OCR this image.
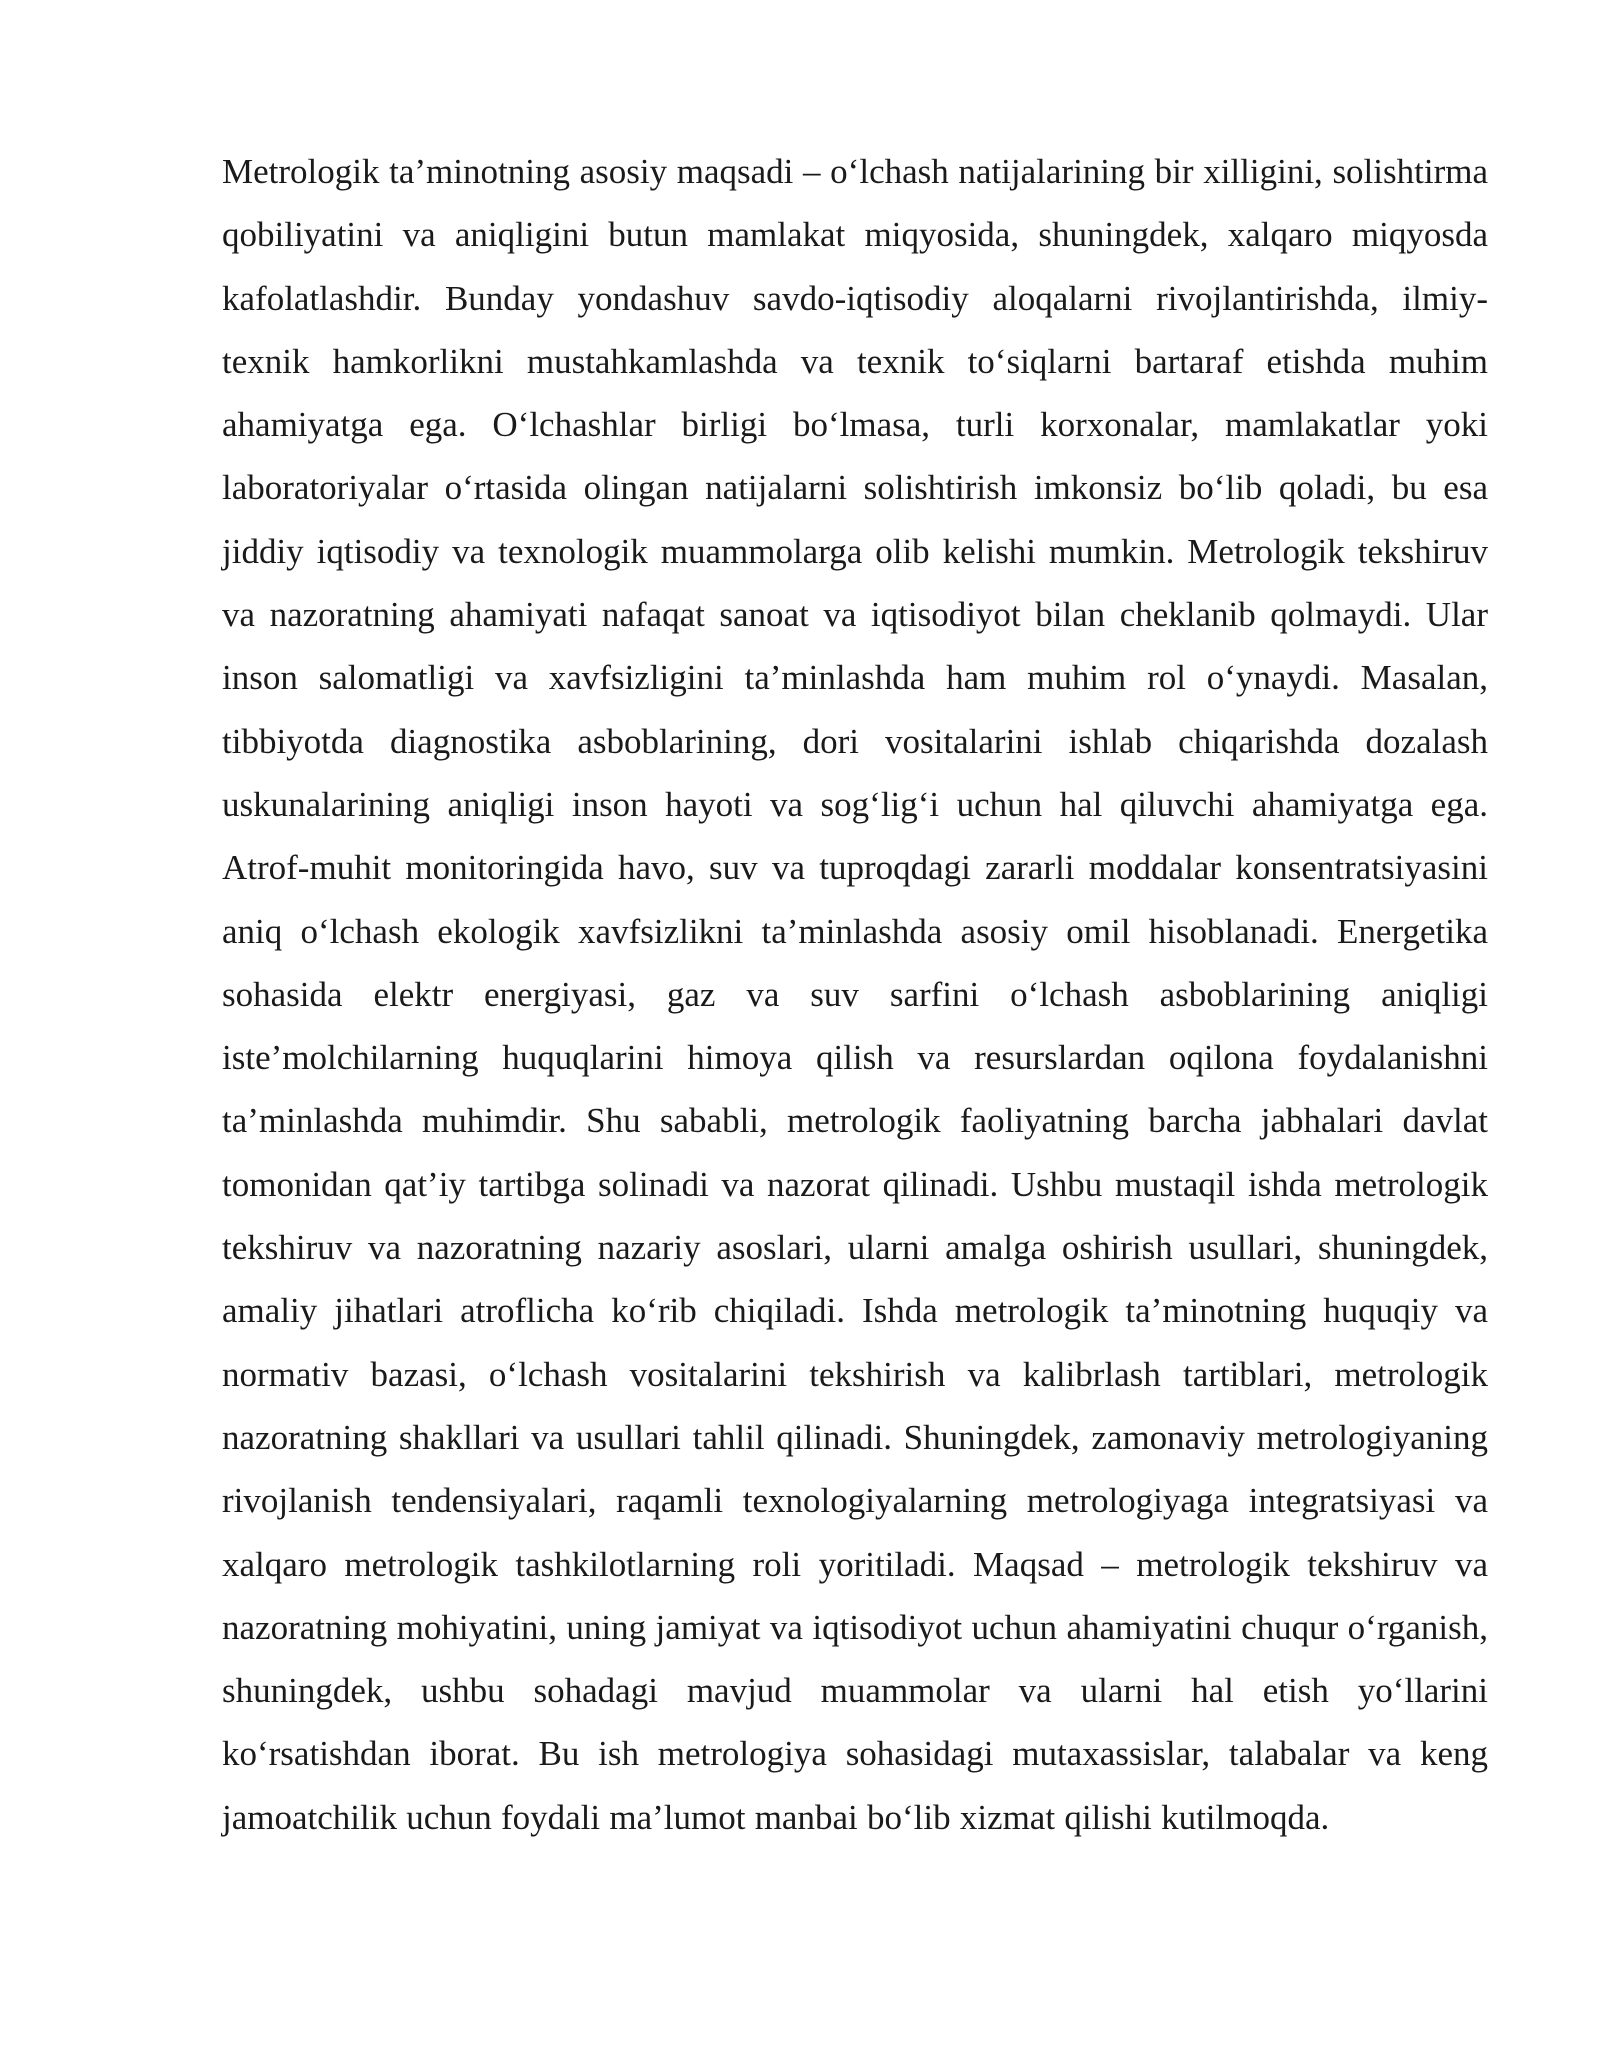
Metrologik ta’minotning asosiy maqsadi – o‘lchash natijalarining bir xilligini, solishtirma qobiliyatini va aniqligini butun mamlakat miqyosida, shuningdek, xalqaro miqyosda kafolatlashdir. Bunday yondashuv savdo-iqtisodiy aloqalarni rivojlantirishda, ilmiy-texnik hamkorlikni mustahkamlashda va texnik to‘siqlarni bartaraf etishda muhim ahamiyatga ega. O‘lchashlar birligi bo‘lmasa, turli korxonalar, mamlakatlar yoki laboratoriyalar o‘rtasida olingan natijalarni solishtirish imkonsiz bo‘lib qoladi, bu esa jiddiy iqtisodiy va texnologik muammolarga olib kelishi mumkin. Metrologik tekshiruv va nazoratning ahamiyati nafaqat sanoat va iqtisodiyot bilan cheklanib qolmaydi. Ular inson salomatligi va xavfsizligini ta’minlashda ham muhim rol o‘ynaydi. Masalan, tibbiyotda diagnostika asboblarining, dori vositalarini ishlab chiqarishda dozalash uskunalarining aniqligi inson hayoti va sog‘lig‘i uchun hal qiluvchi ahamiyatga ega. Atrof-muhit monitoringida havo, suv va tuproqdagi zararli moddalar konsentratsiyasini aniq o‘lchash ekologik xavfsizlikni ta’minlashda asosiy omil hisoblanadi. Energetika sohasida elektr energiyasi, gaz va suv sarfini o‘lchash asboblarining aniqligi iste’molchilarning huquqlarini himoya qilish va resurslardan oqilona foydalanishni ta’minlashda muhimdir. Shu sababli, metrologik faoliyatning barcha jabhalari davlat tomonidan qat’iy tartibga solinadi va nazorat qilinadi. Ushbu mustaqil ishda metrologik tekshiruv va nazoratning nazariy asoslari, ularni amalga oshirish usullari, shuningdek, amaliy jihatlari atroflicha ko‘rib chiqiladi. Ishda metrologik ta’minotning huquqiy va normativ bazasi, o‘lchash vositalarini tekshirish va kalibrlash tartiblari, metrologik nazoratning shakllari va usullari tahlil qilinadi. Shuningdek, zamonaviy metrologiyaning rivojlanish tendensiyalari, raqamli texnologiyalarning metrologiyaga integratsiyasi va xalqaro metrologik tashkilotlarning roli yoritiladi. Maqsad – metrologik tekshiruv va nazoratning mohiyatini, uning jamiyat va iqtisodiyot uchun ahamiyatini chuqur o‘rganish, shuningdek, ushbu sohadagi mavjud muammolar va ularni hal etish yo‘llarini ko‘rsatishdan iborat. Bu ish metrologiya sohasidagi mutaxassislar, talabalar va keng jamoatchilik uchun foydali ma’lumot manbai bo‘lib xizmat qilishi kutilmoqda.
